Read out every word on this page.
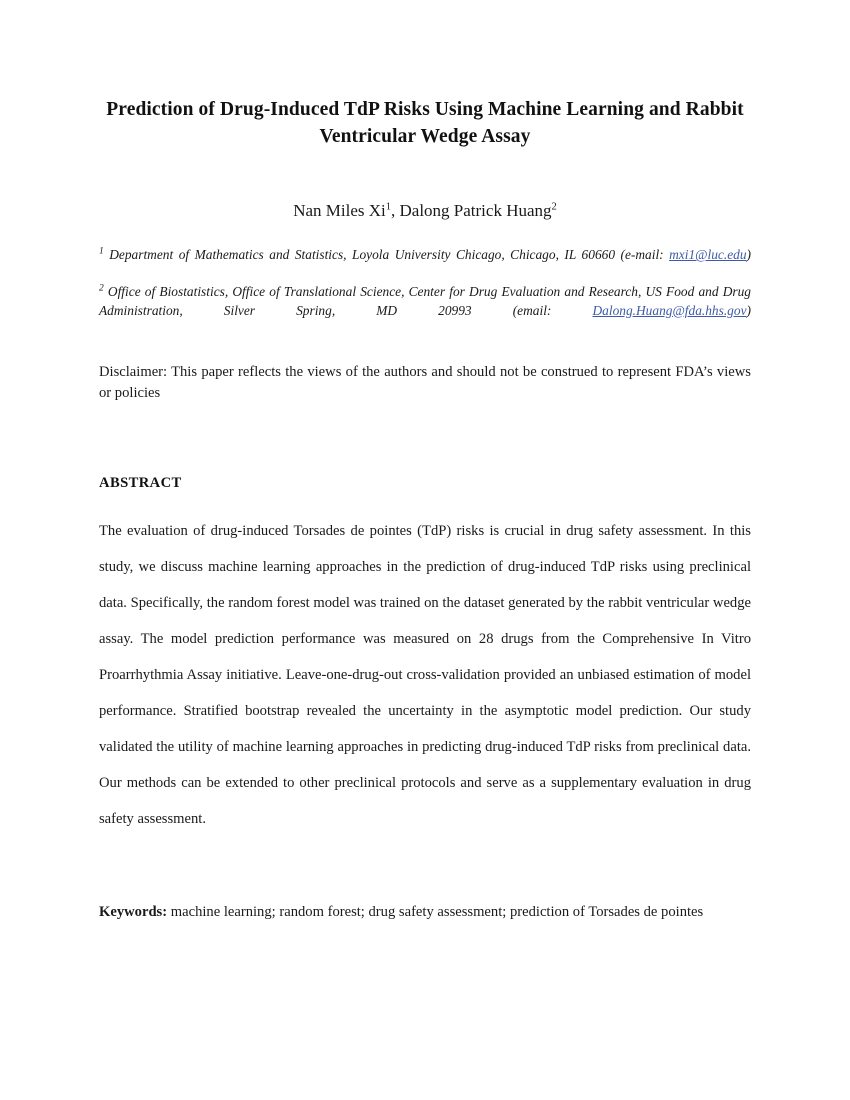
Prediction of Drug-Induced TdP Risks Using Machine Learning and Rabbit Ventricular Wedge Assay
Nan Miles Xi$^1$, Dalong Patrick Huang$^2$
$^1$ Department of Mathematics and Statistics, Loyola University Chicago, Chicago, IL 60660 (e-mail: mxi1@luc.edu)
$^2$ Office of Biostatistics, Office of Translational Science, Center for Drug Evaluation and Research, US Food and Drug Administration, Silver Spring, MD 20993 (email: Dalong.Huang@fda.hhs.gov)
Disclaimer: This paper reflects the views of the authors and should not be construed to represent FDA’s views or policies
ABSTRACT
The evaluation of drug-induced Torsades de pointes (TdP) risks is crucial in drug safety assessment. In this study, we discuss machine learning approaches in the prediction of drug-induced TdP risks using preclinical data. Specifically, the random forest model was trained on the dataset generated by the rabbit ventricular wedge assay. The model prediction performance was measured on 28 drugs from the Comprehensive In Vitro Proarrhythmia Assay initiative. Leave-one-drug-out cross-validation provided an unbiased estimation of model performance. Stratified bootstrap revealed the uncertainty in the asymptotic model prediction. Our study validated the utility of machine learning approaches in predicting drug-induced TdP risks from preclinical data. Our methods can be extended to other preclinical protocols and serve as a supplementary evaluation in drug safety assessment.
Keywords: machine learning; random forest; drug safety assessment; prediction of Torsades de pointes
